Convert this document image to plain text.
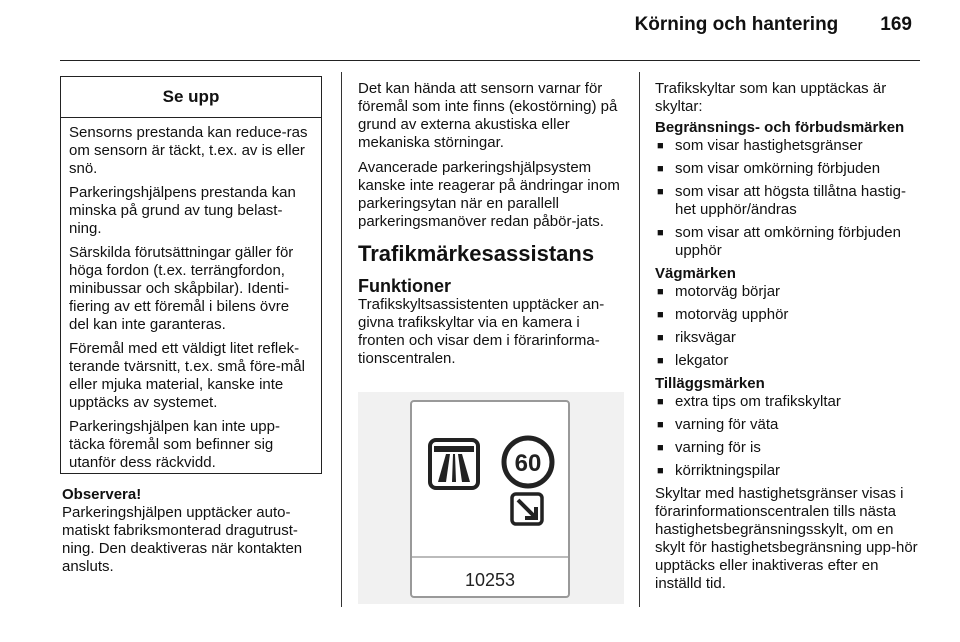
Körning och hantering 169
Se upp

Sensorns prestanda kan reduce-ras om sensorn är täckt, t.ex. av is eller snö.

Parkeringshjälpens prestanda kan minska på grund av tung belast-ning.

Särskilda förutsättningar gäller för höga fordon (t.ex. terrängfordon, minibussar och skåpbilar). Identi-fiering av ett föremål i bilens övre del kan inte garanteras.

Föremål med ett väldigt litet reflek-terande tvärsnitt, t.ex. små före-mål eller mjuka material, kanske inte upptäcks av systemet.

Parkeringshjälpen kan inte upp-täcka föremål som befinner sig utanför dess räckvidd.

Observera!

Parkeringshjälpen upptäcker auto-matiskt fabriksmonterad dragutrust-ning. Den deaktiveras när kontakten ansluts.

Det kan hända att sensorn varnar för föremål som inte finns (ekostörning) på grund av externa akustiska eller mekaniska störningar.

Avancerade parkeringshjälpsystem kanske inte reagerar på ändringar inom parkeringsytan när en parallell parkeringsmanöver redan påbör-jats.

Trafikmärkesassistans
Funktioner

Trafikskyltsassistenten upptäcker an-givna trafikskyltar via en kamera i fronten och visar dem i förarinforma-tionscentralen.

60
10253

Trafikskyltar som kan upptäckas är skyltar:

Begränsnings- och förbudsmärken

■ som visar hastighetsgränser
■ som visar omkörning förbjuden
■ som visar att högsta tillåtna hastig-het upphör/ändras
■ som visar att omkörning förbjuden upphör

Vägmärken

■ motorväg börjar
■ motorväg upphör
■ riksvägar
■ lekgator

Tilläggsmärken

■ extra tips om trafikskyltar
■ varning för väta
■ varning för is
■ körriktningspilar

Skyltar med hastighetsgränser visas i förarinformationscentralen tills nästa hastighetsbegränsningsskylt, om en skylt för hastighetsbegränsning upp-hör upptäcks eller inaktiveras efter en inställd tid.
